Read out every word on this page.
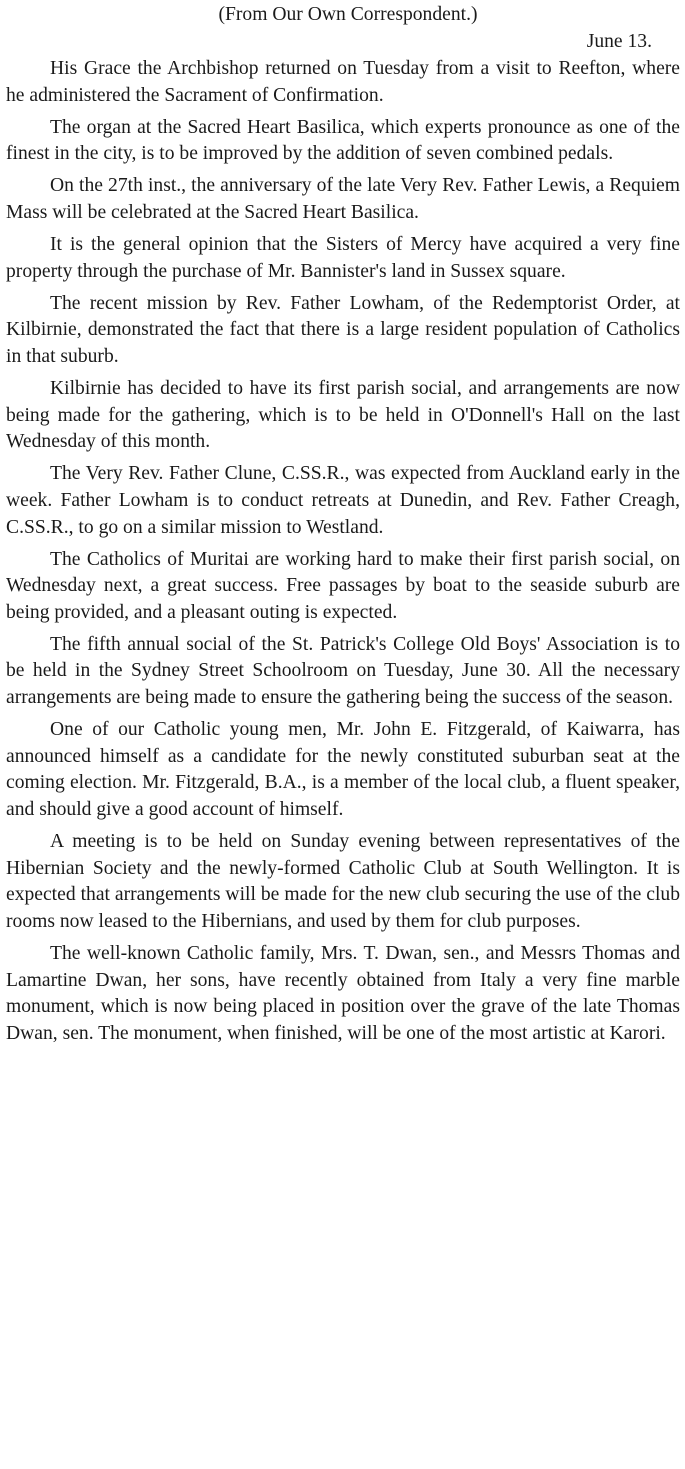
(From Our Own Correspondent.)

June 13.

His Grace the Archbishop returned on Tuesday from a visit to Reefton, where he administered the Sacrament of Confirmation.

The organ at the Sacred Heart Basilica, which experts pronounce as one of the finest in the city, is to be improved by the addition of seven combined pedals.

On the 27th inst., the anniversary of the late Very Rev. Father Lewis, a Requiem Mass will be celebrated at the Sacred Heart Basilica.

It is the general opinion that the Sisters of Mercy have acquired a very fine property through the purchase of Mr. Bannister's land in Sussex square.

The recent mission by Rev. Father Lowham, of the Redemptorist Order, at Kilbirnie, demonstrated the fact that there is a large resident population of Catholics in that suburb.

Kilbirnie has decided to have its first parish social, and arrangements are now being made for the gathering, which is to be held in O'Donnell's Hall on the last Wednesday of this month.

The Very Rev. Father Clune, C.SS.R., was expected from Auckland early in the week. Father Lowham is to conduct retreats at Dunedin, and Rev. Father Creagh, C.SS.R., to go on a similar mission to Westland.

The Catholics of Muritai are working hard to make their first parish social, on Wednesday next, a great success. Free passages by boat to the seaside suburb are being provided, and a pleasant outing is expected.

The fifth annual social of the St. Patrick's College Old Boys' Association is to be held in the Sydney Street Schoolroom on Tuesday, June 30. All the necessary arrangements are being made to ensure the gathering being the success of the season.

One of our Catholic young men, Mr. John E. Fitzgerald, of Kaiwarra, has announced himself as a candidate for the newly constituted suburban seat at the coming election. Mr. Fitzgerald, B.A., is a member of the local club, a fluent speaker, and should give a good account of himself.

A meeting is to be held on Sunday evening between representatives of the Hibernian Society and the newly-formed Catholic Club at South Wellington. It is expected that arrangements will be made for the new club securing the use of the club rooms now leased to the Hibernians, and used by them for club purposes.

The well-known Catholic family, Mrs. T. Dwan, sen., and Messrs Thomas and Lamartine Dwan, her sons, have recently obtained from Italy a very fine marble monument, which is now being placed in position over the grave of the late Thomas Dwan, sen. The monument, when finished, will be one of the most artistic at Karori.
